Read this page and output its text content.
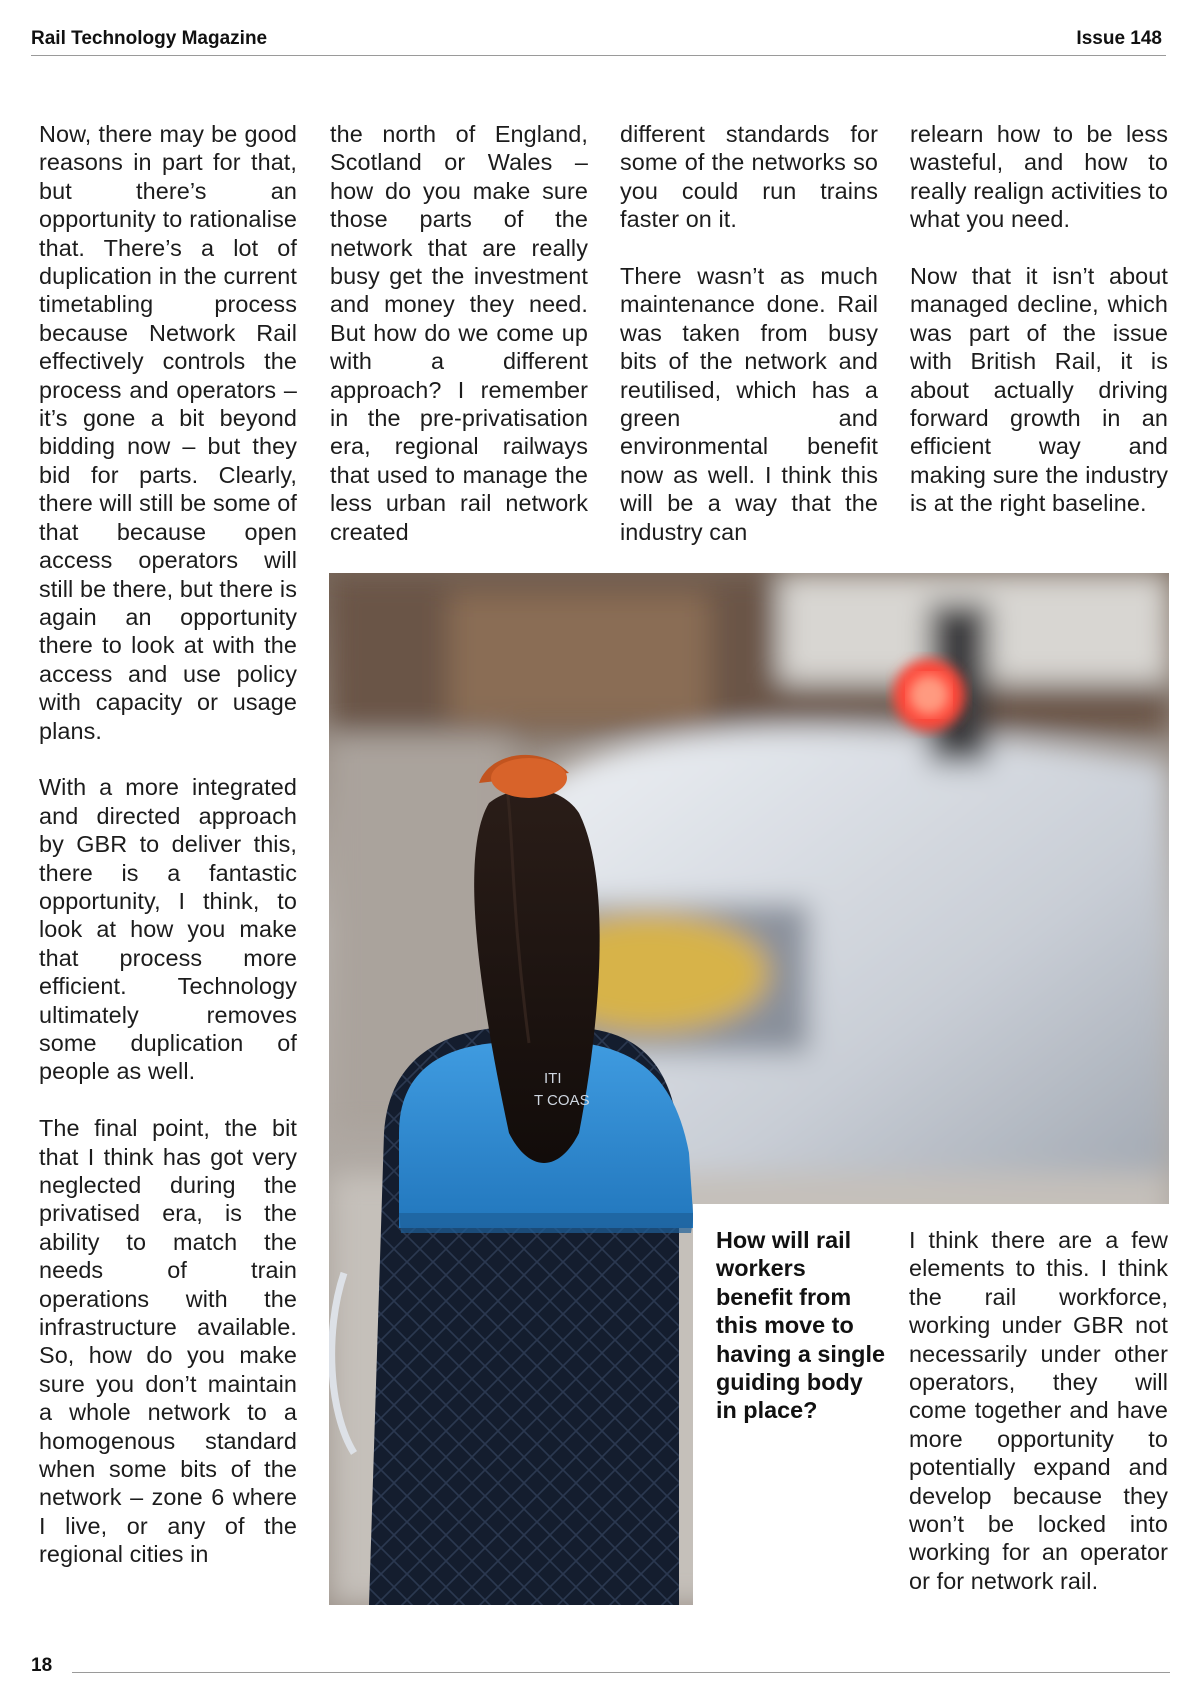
Rail Technology Magazine	Issue 148

Now, there may be good reasons in part for that, but there’s an opportunity to rationalise that. There’s a lot of duplication in the current timetabling process because Network Rail effectively controls the process and operators – it’s gone a bit beyond bidding now – but they bid for parts. Clearly, there will still be some of that because open access operators will still be there, but there is again an opportunity there to look at with the access and use policy with capacity or usage plans.

With a more integrated and directed approach by GBR to deliver this, there is a fantastic opportunity, I think, to look at how you make that process more efficient. Technology ultimately removes some duplication of people as well.

The final point, the bit that I think has got very neglected during the privatised era, is the ability to match the needs of train operations with the infrastructure available. So, how do you make sure you don’t maintain a whole network to a homogenous standard when some bits of the network – zone 6 where I live, or any of the regional cities in

the north of England, Scotland or Wales – how do you make sure those parts of the network that are really busy get the investment and money they need. But how do we come up with a different approach? I remember in the pre-privatisation era, regional railways that used to manage the less urban rail network created

different standards for some of the networks so you could run trains faster on it.

There wasn’t as much maintenance done. Rail was taken from busy bits of the network and reutilised, which has a green and environmental benefit now as well. I think this will be a way that the industry can

relearn how to be less wasteful, and how to really realign activities to what you need.

Now that it isn’t about managed decline, which was part of the issue with British Rail, it is about actually driving forward growth in an efficient way and making sure the industry is at the right baseline.

ITI
T COAS
How will rail workers benefit from this move to having a single guiding body in place?

I think there are a few elements to this. I think the rail workforce, working under GBR not necessarily under other operators, they will come together and have more opportunity to potentially expand and develop because they won’t be locked into working for an operator or for network rail.

18
